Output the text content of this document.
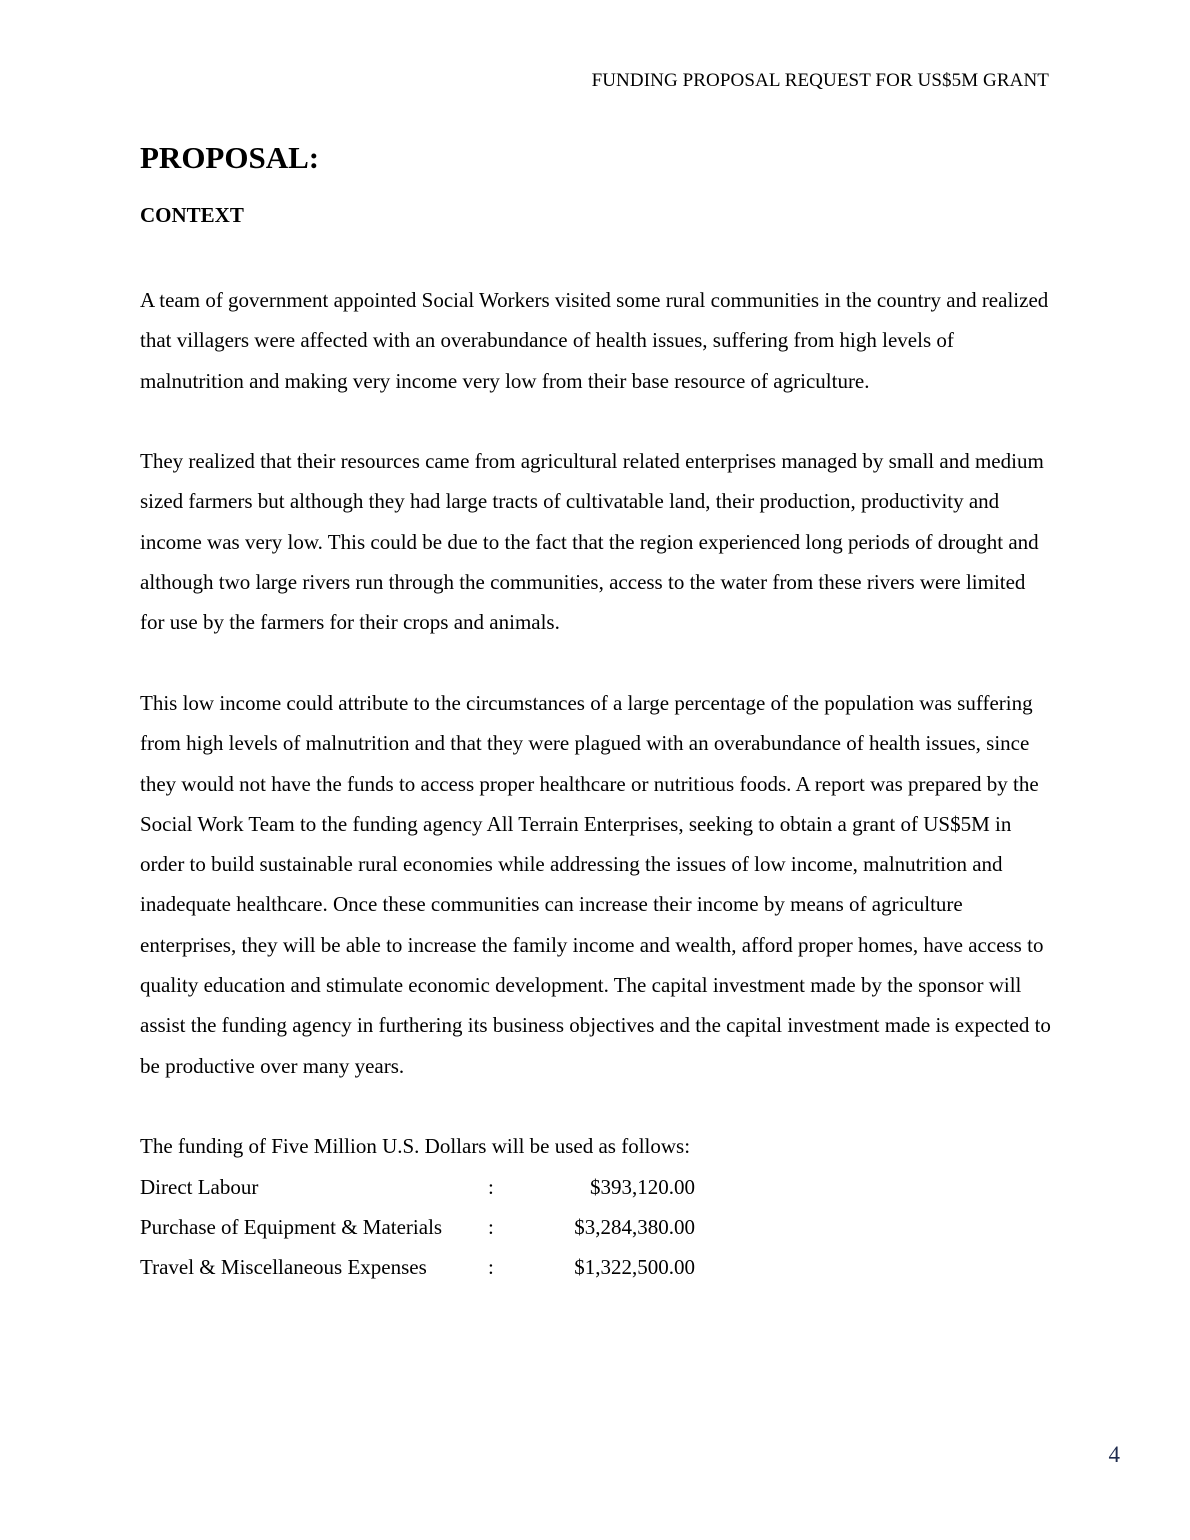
FUNDING PROPOSAL REQUEST FOR US$5M GRANT
PROPOSAL:
CONTEXT

A team of government appointed Social Workers visited some rural communities in the country and realized that villagers were affected with an overabundance of health issues, suffering from high levels of malnutrition and making very income very low from their base resource of agriculture.

They realized that their resources came from agricultural related enterprises managed by small and medium sized farmers but although they had large tracts of cultivatable land, their production, productivity and income was very low. This could be due to the fact that the region experienced long periods of drought and although two large rivers run through the communities, access to the water from these rivers were limited for use by the farmers for their crops and animals.

This low income could attribute to the circumstances of a large percentage of the population was suffering from high levels of malnutrition and that they were plagued with an overabundance of health issues, since they would not have the funds to access proper healthcare or nutritious foods. A report was prepared by the Social Work Team to the funding agency All Terrain Enterprises, seeking to obtain a grant of US$5M in order to build sustainable rural economies while addressing the issues of low income, malnutrition and inadequate healthcare. Once these communities can increase their income by means of agriculture enterprises, they will be able to increase the family income and wealth, afford proper homes, have access to quality education and stimulate economic development. The capital investment made by the sponsor will assist the funding agency in furthering its business objectives and the capital investment made is expected to be productive over many years.

The funding of Five Million U.S. Dollars will be used as follows:

Direct Labour	:	$393,120.00
Purchase of Equipment & Materials	:	$3,284,380.00
Travel & Miscellaneous Expenses	:	$1,322,500.00
4
